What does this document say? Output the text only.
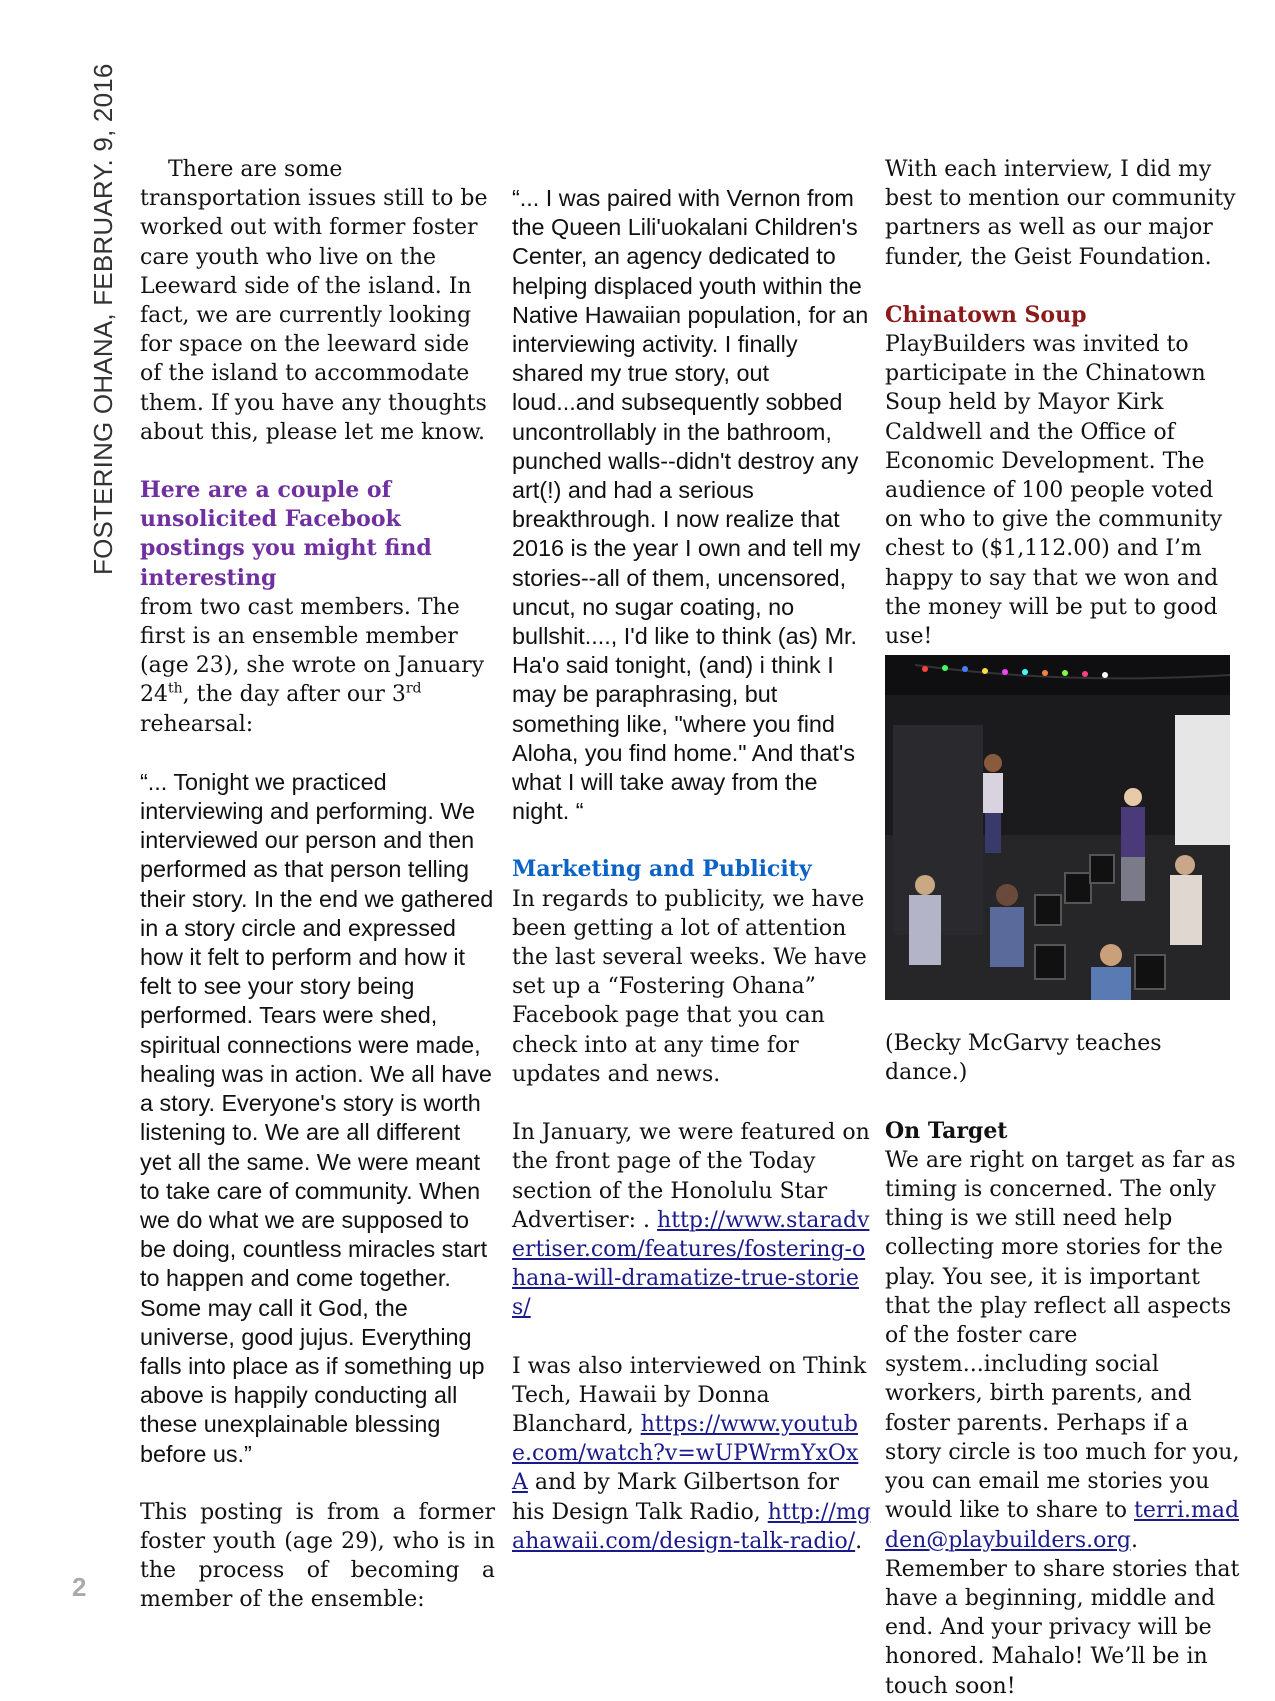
FOSTERING OHANA, FEBRUARY. 9, 2016
2

There are some transportation issues still to be worked out with former foster care youth who live on the Leeward side of the island. In fact, we are currently looking for space on the leeward side of the island to accommodate them. If you have any thoughts about this, please let me know.

Here are a couple of unsolicited Facebook postings you might find interesting

from two cast members. The first is an ensemble member (age 23), she wrote on January 24th, the day after our 3rd rehearsal:

“... Tonight we practiced interviewing and performing. We interviewed our person and then performed as that person telling their story. In the end we gathered in a story circle and expressed how it felt to perform and how it felt to see your story being performed. Tears were shed, spiritual connections were made, healing was in action. We all have a story. Everyone's story is worth listening to. We are all different yet all the same. We were meant to take care of community. When we do what we are supposed to be doing, countless miracles start to happen and come together. Some may call it God, the universe, good jujus. Everything falls into place as if something up above is happily conducting all these unexplainable blessing before us.”

This posting is from a former foster youth (age 29), who is in the process of becoming a member of the ensemble:

“... I was paired with Vernon from the Queen Lili'uokalani Children's Center, an agency dedicated to helping displaced youth within the Native Hawaiian population, for an interviewing activity. I finally shared my true story, out loud...and subsequently sobbed uncontrollably in the bathroom, punched walls--didn't destroy any art(!) and had a serious breakthrough. I now realize that 2016 is the year I own and tell my stories--all of them, uncensored, uncut, no sugar coating, no bullshit...., I'd like to think (as) Mr. Ha'o said tonight, (and) i think I may be paraphrasing, but something like, "where you find Aloha, you find home." And that's what I will take away from the night. “

Marketing and Publicity

In regards to publicity, we have been getting a lot of attention the last several weeks. We have set up a “Fostering Ohana” Facebook page that you can check into at any time for updates and news.

In January, we were featured on the front page of the Today section of the Honolulu Star Advertiser: . http://www.staradvertiser.com/features/fostering-ohana-will-dramatize-true-stories/

I was also interviewed on Think Tech, Hawaii by Donna Blanchard, https://www.youtube.com/watch?v=wUPWrmYxOxA and by Mark Gilbertson for his Design Talk Radio, http://mgahawaii.com/design-talk-radio/.

With each interview, I did my best to mention our community partners as well as our major funder, the Geist Foundation.

Chinatown Soup

PlayBuilders was invited to participate in the Chinatown Soup held by Mayor Kirk Caldwell and the Office of Economic Development. The audience of 100 people voted on who to give the community chest to ($1,112.00) and I’m happy to say that we won and the money will be put to good use!

(Becky McGarvy teaches dance.)

On Target

We are right on target as far as timing is concerned. The only thing is we still need help collecting more stories for the play. You see, it is important that the play reflect all aspects of the foster care system...including social workers, birth parents, and foster parents. Perhaps if a story circle is too much for you, you can email me stories you would like to share to terri.madden@playbuilders.org. Remember to share stories that have a beginning, middle and end. And your privacy will be honored. Mahalo! We’ll be in touch soon!
